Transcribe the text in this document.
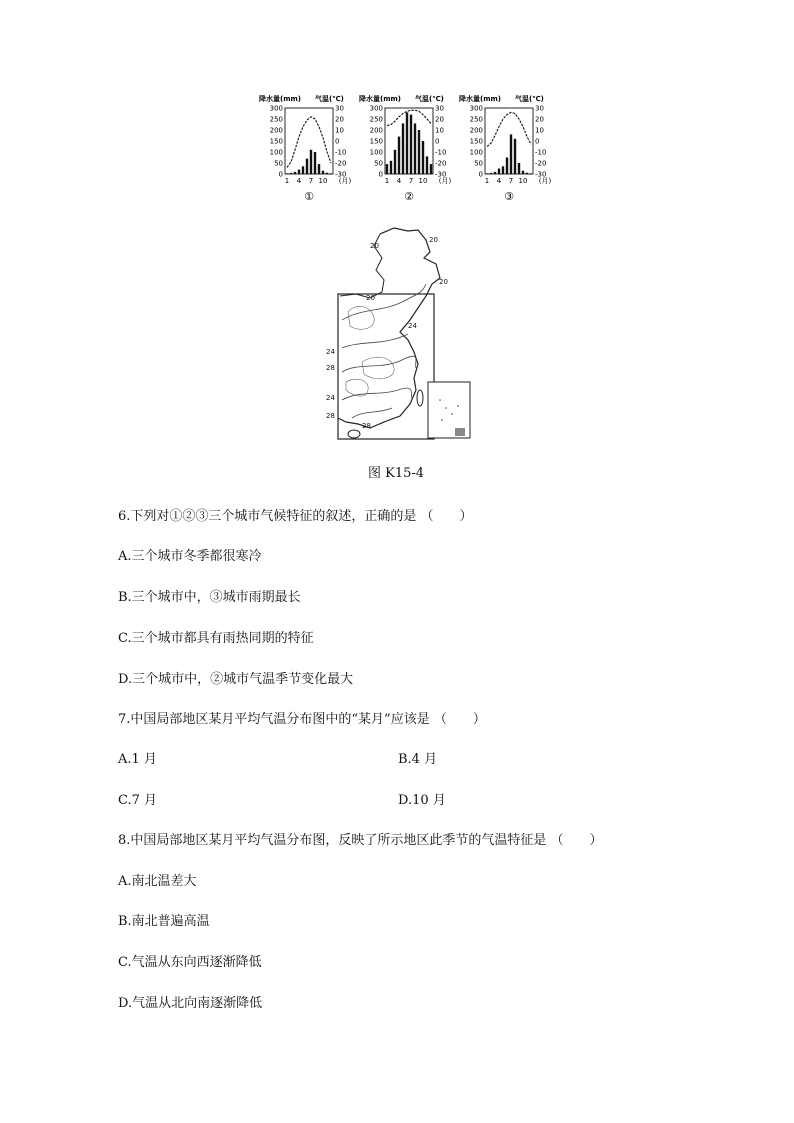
降水量(mm) 气温(℃)
300
250
200
150
100
50
0
30
20
10
0
-10
-20
-30
1 4 7 10 (月)
①
降水量(mm) 气温(℃)
300
250
200
150
100
50
0
30
20
10
0
-10
-20
-30
1 4 7 10 (月)
②
降水量(mm) 气温(℃)
300
250
200
150
100
50
0
30
20
10
0
-10
-20
-30
1 4 7 10 (月)
③
20
20
20
20
24
24
28
24
28
28
图 K15-4
6.下列对①②③三个城市气候特征的叙述，正确的是 （　　）
A.三个城市冬季都很寒冷
B.三个城市中，③城市雨期最长
C.三个城市都具有雨热同期的特征
D.三个城市中，②城市气温季节变化最大
7.中国局部地区某月平均气温分布图中的“某月”应该是 （　　）
A.1 月	B.4 月
C.7 月	D.10 月
8.中国局部地区某月平均气温分布图，反映了所示地区此季节的气温特征是 （　　）
A.南北温差大
B.南北普遍高温
C.气温从东向西逐渐降低
D.气温从北向南逐渐降低
